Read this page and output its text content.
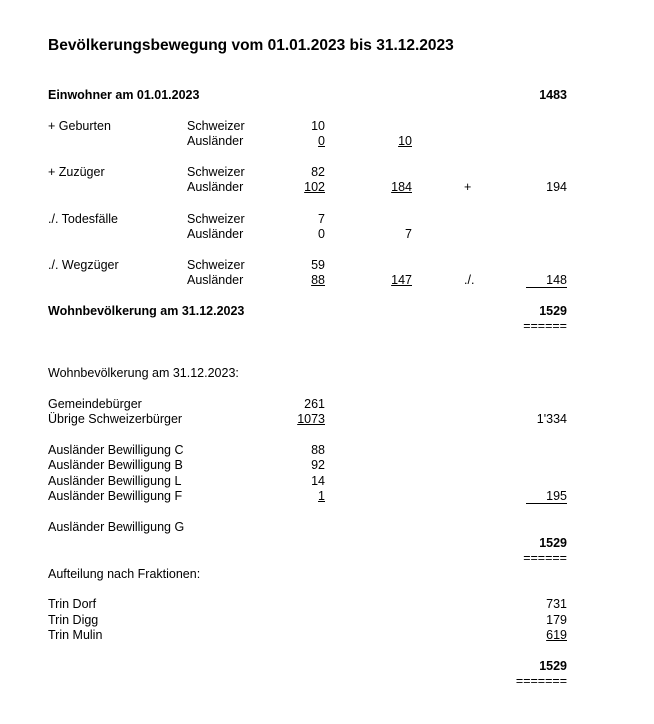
Bevölkerungsbewegung vom 01.01.2023 bis 31.12.2023
Einwohner am 01.01.2023	1483
+ Geburten	Schweizer	10
Ausländer	0	10
+ Zuzüger	Schweizer	82
Ausländer	102	184	+	194
./. Todesfälle	Schweizer	7
Ausländer	0	7
./. Wegzüger	Schweizer	59
Ausländer	88	147	./.	148
Wohnbevölkerung am 31.12.2023	1529
======
Wohnbevölkerung am 31.12.2023:
Gemeindebürger	261
Übrige Schweizerbürger	1073	1'334
Ausländer Bewilligung C	88
Ausländer Bewilligung B	92
Ausländer Bewilligung L	14
Ausländer Bewilligung F	1	195
Ausländer Bewilligung G
1529
======
Aufteilung nach Fraktionen:
Trin Dorf	731
Trin Digg	179
Trin Mulin	619
1529
=======
